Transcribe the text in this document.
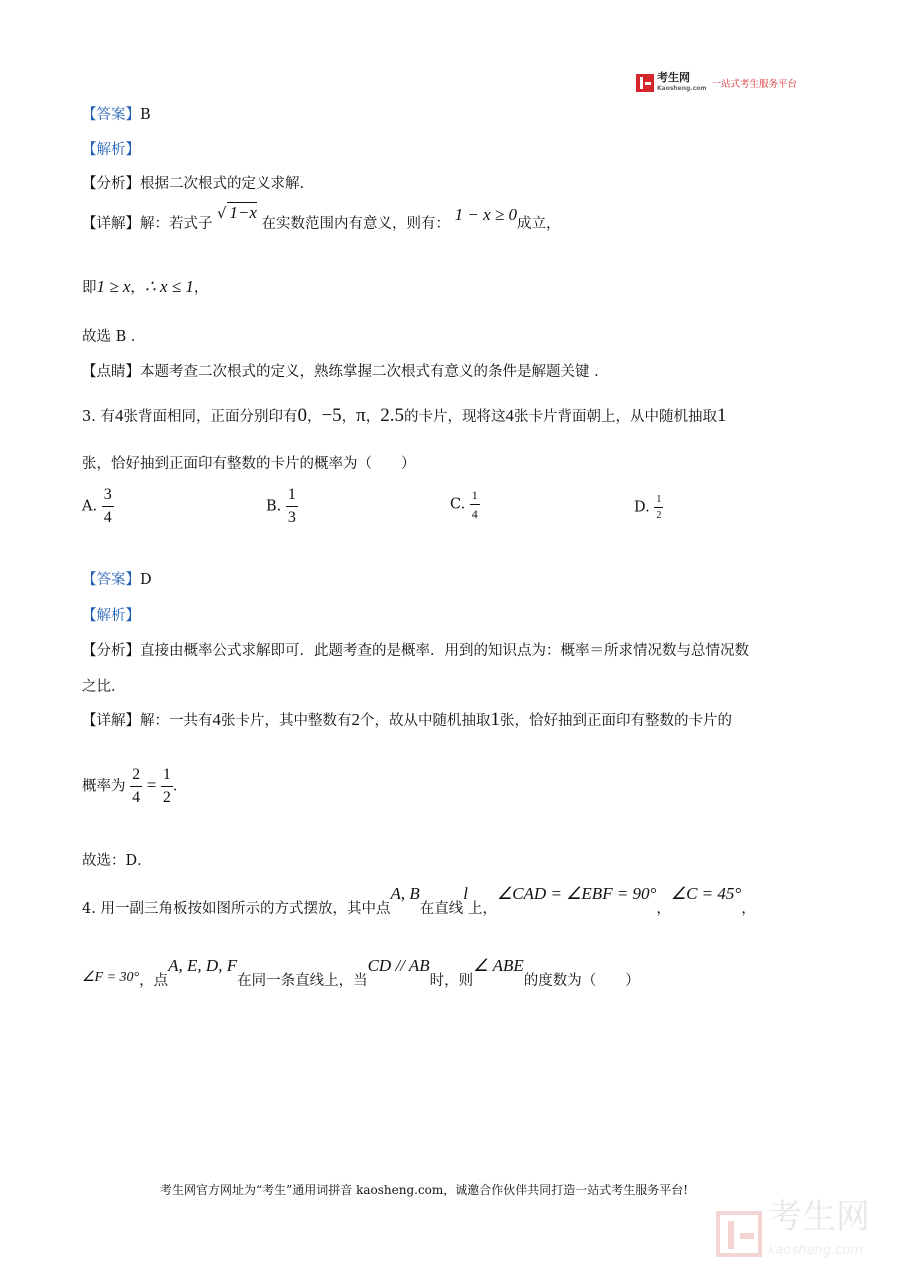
考生网
Kaosheng.com 一站式考生服务平台
【答案】B
【解析】
【分析】根据二次根式的定义求解.
【详解】解：若式子 √ 1−x 在实数范围内有意义，则有： 1 − x ≥ 0成立，
即1 ≥ x，∴ x ≤ 1，
故选 B ．
【点睛】本题考查二次根式的定义，熟练掌握二次根式有意义的条件是解题关键 ．
3. 有4张背面相同，正面分别印有0，−5，π，2.5的卡片，现将这4张卡片背面朝上，从中随机抽取1
张，恰好抽到正面印有整数的卡片的概率为（　　）
A. $\frac{3}{4}$	B. $\frac{1}{3}$	C. $\frac{1}{4}$	D. $\frac{1}{2}$
【答案】D
【解析】
【分析】直接由概率公式求解即可．此题考查的是概率．用到的知识点为：概率＝所求情况数与总情况数
之比．
【详解】解：一共有4张卡片，其中整数有2个，故从中随机抽取1张，恰好抽到正面印有整数的卡片的
概率为 $\frac{2}{4} = \frac{1}{2}$ ．
故选：D．
4. 用一副三角板按如图所示的方式摆放，其中点A, B在直线l上，∠CAD = ∠EBF = 90°，∠C = 45°，
∠F = 30°，点A, E, D, F在同一条直线上，当CD // AB时，则∠ ABE的度数为（　　）
考生网官方网址为“考生”通用词拼音 kaosheng.com，诚邀合作伙伴共同打造一站式考生服务平台!
考生网
kaosheng.com
